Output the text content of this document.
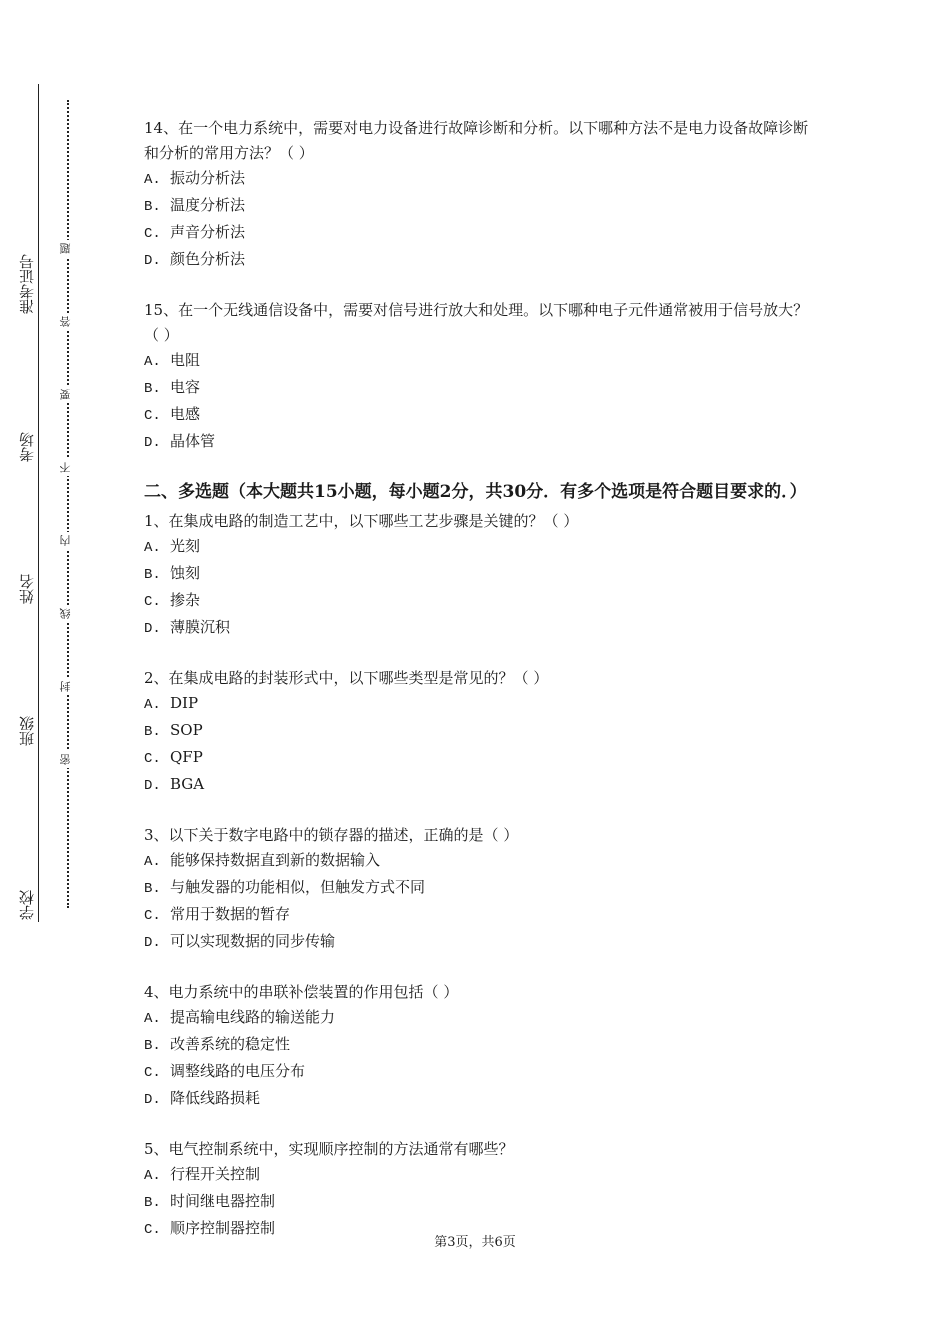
准考证号
考场
姓名
班级
学校
题
答
要
不
内
线
封
密

14、在一个电力系统中，需要对电力设备进行故障诊断和分析。以下哪种方法不是电力设备故障诊断和分析的常用方法？（ ）

A. 振动分析法

B. 温度分析法

C. 声音分析法

D. 颜色分析法

15、在一个无线通信设备中，需要对信号进行放大和处理。以下哪种电子元件通常被用于信号放大？（ ）

A. 电阻

B. 电容

C. 电感

D. 晶体管

二、多选题（本大题共15小题，每小题2分，共30分．有多个选项是符合题目要求的．）

1、在集成电路的制造工艺中，以下哪些工艺步骤是关键的？（ ）

A. 光刻

B. 蚀刻

C. 掺杂

D. 薄膜沉积

2、在集成电路的封装形式中，以下哪些类型是常见的？（ ）

A. DIP

B. SOP

C. QFP

D. BGA

3、以下关于数字电路中的锁存器的描述，正确的是（ ）

A. 能够保持数据直到新的数据输入

B. 与触发器的功能相似，但触发方式不同

C. 常用于数据的暂存

D. 可以实现数据的同步传输

4、电力系统中的串联补偿装置的作用包括（ ）

A. 提高输电线路的输送能力

B. 改善系统的稳定性

C. 调整线路的电压分布

D. 降低线路损耗

5、电气控制系统中，实现顺序控制的方法通常有哪些？

A. 行程开关控制

B. 时间继电器控制

C. 顺序控制器控制

第3页，共6页
